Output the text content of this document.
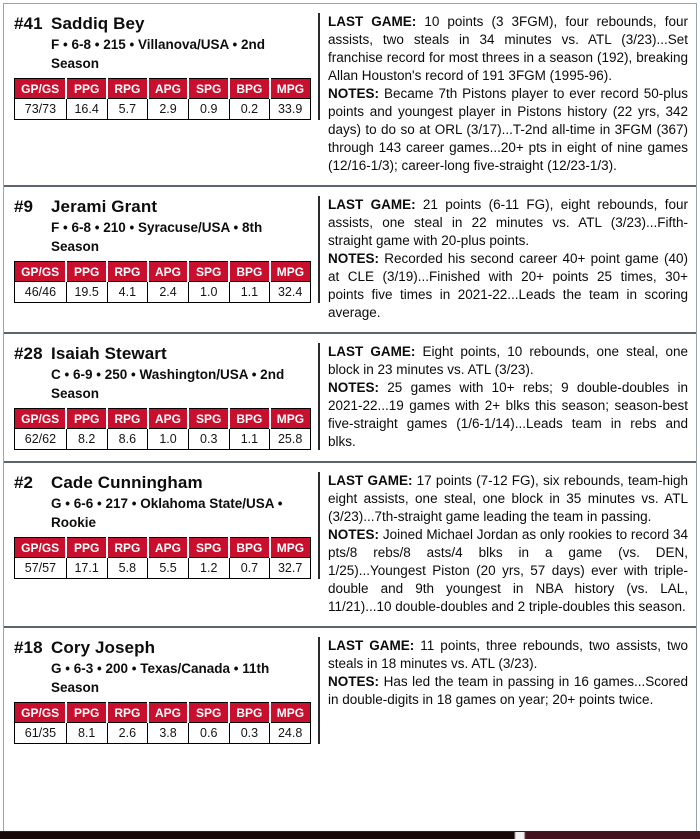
#41 Saddiq Bey
F • 6-8 • 215 • Villanova/USA • 2nd Season
GP/GS	PPG	RPG	APG	SPG	BPG	MPG
73/73	16.4	5.7	2.9	0.9	0.2	33.9

LAST GAME: 10 points (3 3FGM), four rebounds, four assists, two steals in 34 minutes vs. ATL (3/23)...Set franchise record for most threes in a season (192), breaking Allan Houston's record of 191 3FGM (1995-96).
NOTES: Became 7th Pistons player to ever record 50-plus points and youngest player in Pistons history (22 yrs, 342 days) to do so at ORL (3/17)...T-2nd all-time in 3FGM (367) through 143 career games...20+ pts in eight of nine games (12/16-1/3); career-long five-straight (12/23-1/3).

#9	Jerami Grant
F • 6-8 • 210 • Syracuse/USA • 8th Season
GP/GS	PPG	RPG	APG	SPG	BPG	MPG
46/46	19.5	4.1	2.4	1.0	1.1	32.4

LAST GAME: 21 points (6-11 FG), eight rebounds, four assists, one steal in 22 minutes vs. ATL (3/23)...Fifth-straight game with 20-plus points.
NOTES: Recorded his second career 40+ point game (40) at CLE (3/19)...Finished with 20+ points 25 times, 30+ points five times in 2021-22...Leads the team in scoring average.

#28 Isaiah Stewart
C • 6-9 • 250 • Washington/USA • 2nd Season
GP/GS	PPG	RPG	APG	SPG	BPG	MPG
62/62	8.2	8.6	1.0	0.3	1.1	25.8

LAST GAME: Eight points, 10 rebounds, one steal, one block in 23 minutes vs. ATL (3/23).
NOTES: 25 games with 10+ rebs; 9 double-doubles in 2021-22...19 games with 2+ blks this season; season-best five-straight games (1/6-1/14)...Leads team in rebs and blks.

#2	Cade Cunningham
G • 6-6 • 217 • Oklahoma State/USA • Rookie
GP/GS	PPG	RPG	APG	SPG	BPG	MPG
57/57	17.1	5.8	5.5	1.2	0.7	32.7

LAST GAME: 17 points (7-12 FG), six rebounds, team-high eight assists, one steal, one block in 35 minutes vs. ATL (3/23)...7th-straight game leading the team in passing.
NOTES: Joined Michael Jordan as only rookies to record 34 pts/8 rebs/8 asts/4 blks in a game (vs. DEN, 1/25)...Youngest Piston (20 yrs, 57 days) ever with triple-double and 9th youngest in NBA history (vs. LAL, 11/21)...10 double-doubles and 2 triple-doubles this season.

#18 Cory Joseph
G • 6-3 • 200 • Texas/Canada • 11th Season
GP/GS	PPG	RPG	APG	SPG	BPG	MPG
61/35	8.1	2.6	3.8	0.6	0.3	24.8

LAST GAME: 11 points, three rebounds, two assists, two steals in 18 minutes vs. ATL (3/23).
NOTES: Has led the team in passing in 16 games...Scored in double-digits in 18 games on year; 20+ points twice.
